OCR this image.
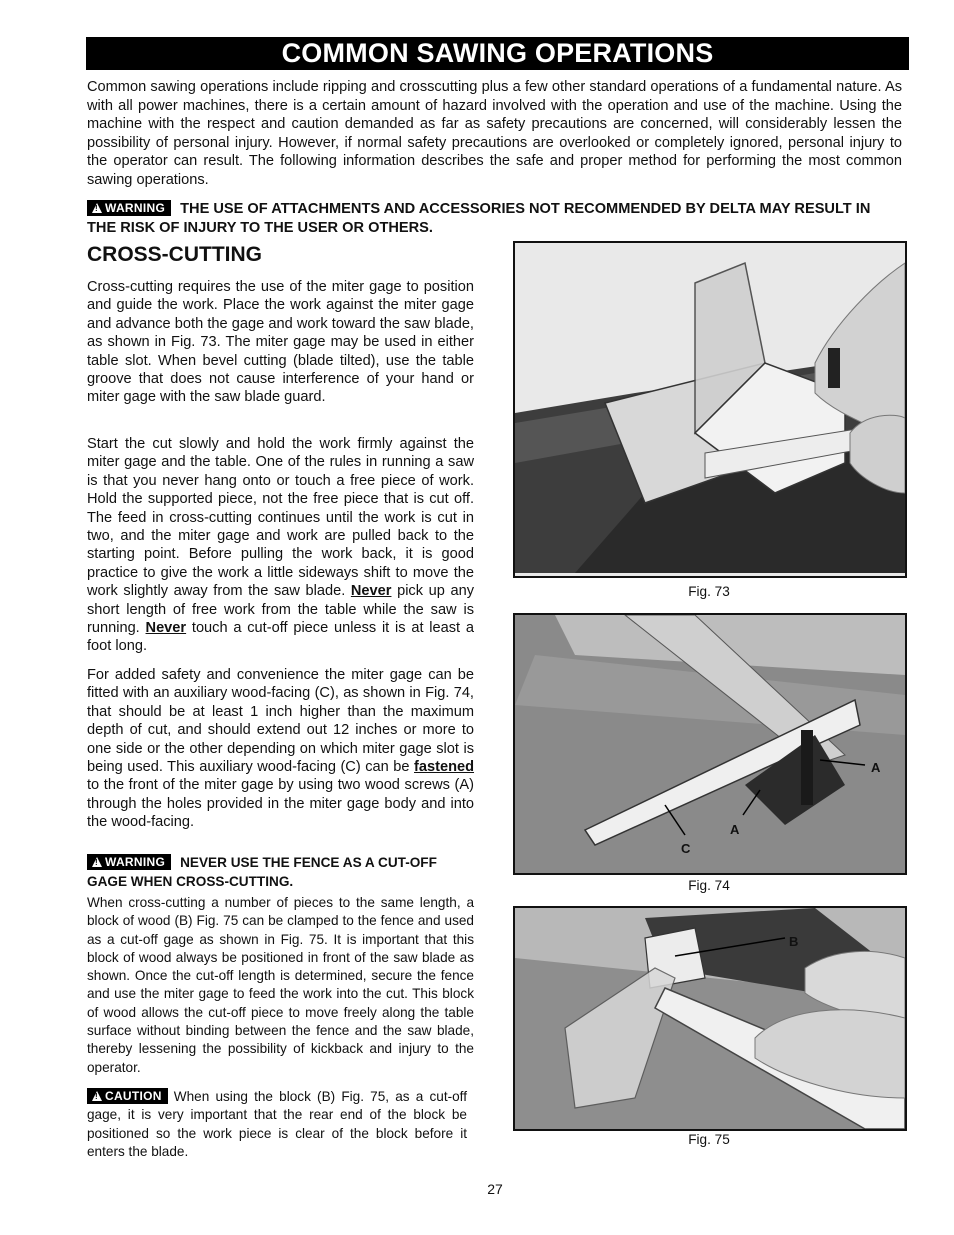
COMMON SAWING OPERATIONS

Common sawing operations include ripping and crosscutting plus a few other standard operations of a fundamental nature. As with all power machines, there is a certain amount of hazard involved with the operation and use of the machine. Using the machine with the respect and caution demanded as far as safety precautions are concerned, will considerably lessen the possibility of personal injury. However, if normal safety precautions are overlooked or completely ignored, personal injury to the operator can result. The following information describes the safe and proper method for performing the most common sawing operations.

!WARNING THE USE OF ATTACHMENTS AND ACCESSORIES NOT RECOMMENDED BY DELTA MAY RESULT IN THE RISK OF INJURY TO THE USER OR OTHERS.

CROSS-CUTTING

Cross-cutting requires the use of the miter gage to position and guide the work. Place the work against the miter gage and advance both the gage and work toward the saw blade, as shown in Fig. 73. The miter gage may be used in either table slot. When bevel cutting (blade tilted), use the table groove that does not cause interference of your hand or miter gage with the saw blade guard.

Start the cut slowly and hold the work firmly against the miter gage and the table. One of the rules in running a saw is that you never hang onto or touch a free piece of work. Hold the supported piece, not the free piece that is cut off. The feed in cross-cutting continues until the work is cut in two, and the miter gage and work are pulled back to the starting point. Before pulling the work back, it is good practice to give the work a little sideways shift to move the work slightly away from the saw blade. Never pick up any short length of free work from the table while the saw is running. Never touch a cut-off piece unless it is at least a foot long.

For added safety and convenience the miter gage can be fitted with an auxiliary wood-facing (C), as shown in Fig. 74, that should be at least 1 inch higher than the maximum depth of cut, and should extend out 12 inches or more to one side or the other depending on which miter gage slot is being used. This auxiliary wood-facing (C) can be fastened to the front of the miter gage by using two wood screws (A) through the holes provided in the miter gage body and into the wood-facing.

!WARNING NEVER USE THE FENCE AS A CUT-OFF GAGE WHEN CROSS-CUTTING.

When cross-cutting a number of pieces to the same length, a block of wood (B) Fig. 75 can be clamped to the fence and used as a cut-off gage as shown in Fig. 75. It is important that this block of wood always be positioned in front of the saw blade as shown. Once the cut-off length is determined, secure the fence and use the miter gage to feed the work into the cut. This block of wood allows the cut-off piece to move freely along the table surface without binding between the fence and the saw blade, thereby lessening the possibility of kickback and injury to the operator.

!CAUTION When using the block (B) Fig. 75, as a cut-off gage, it is very important that the rear end of the block be positioned so the work piece is clear of the block before it enters the blade.

Fig. 73
A
A
C
Fig. 74
B
Fig. 75
27
